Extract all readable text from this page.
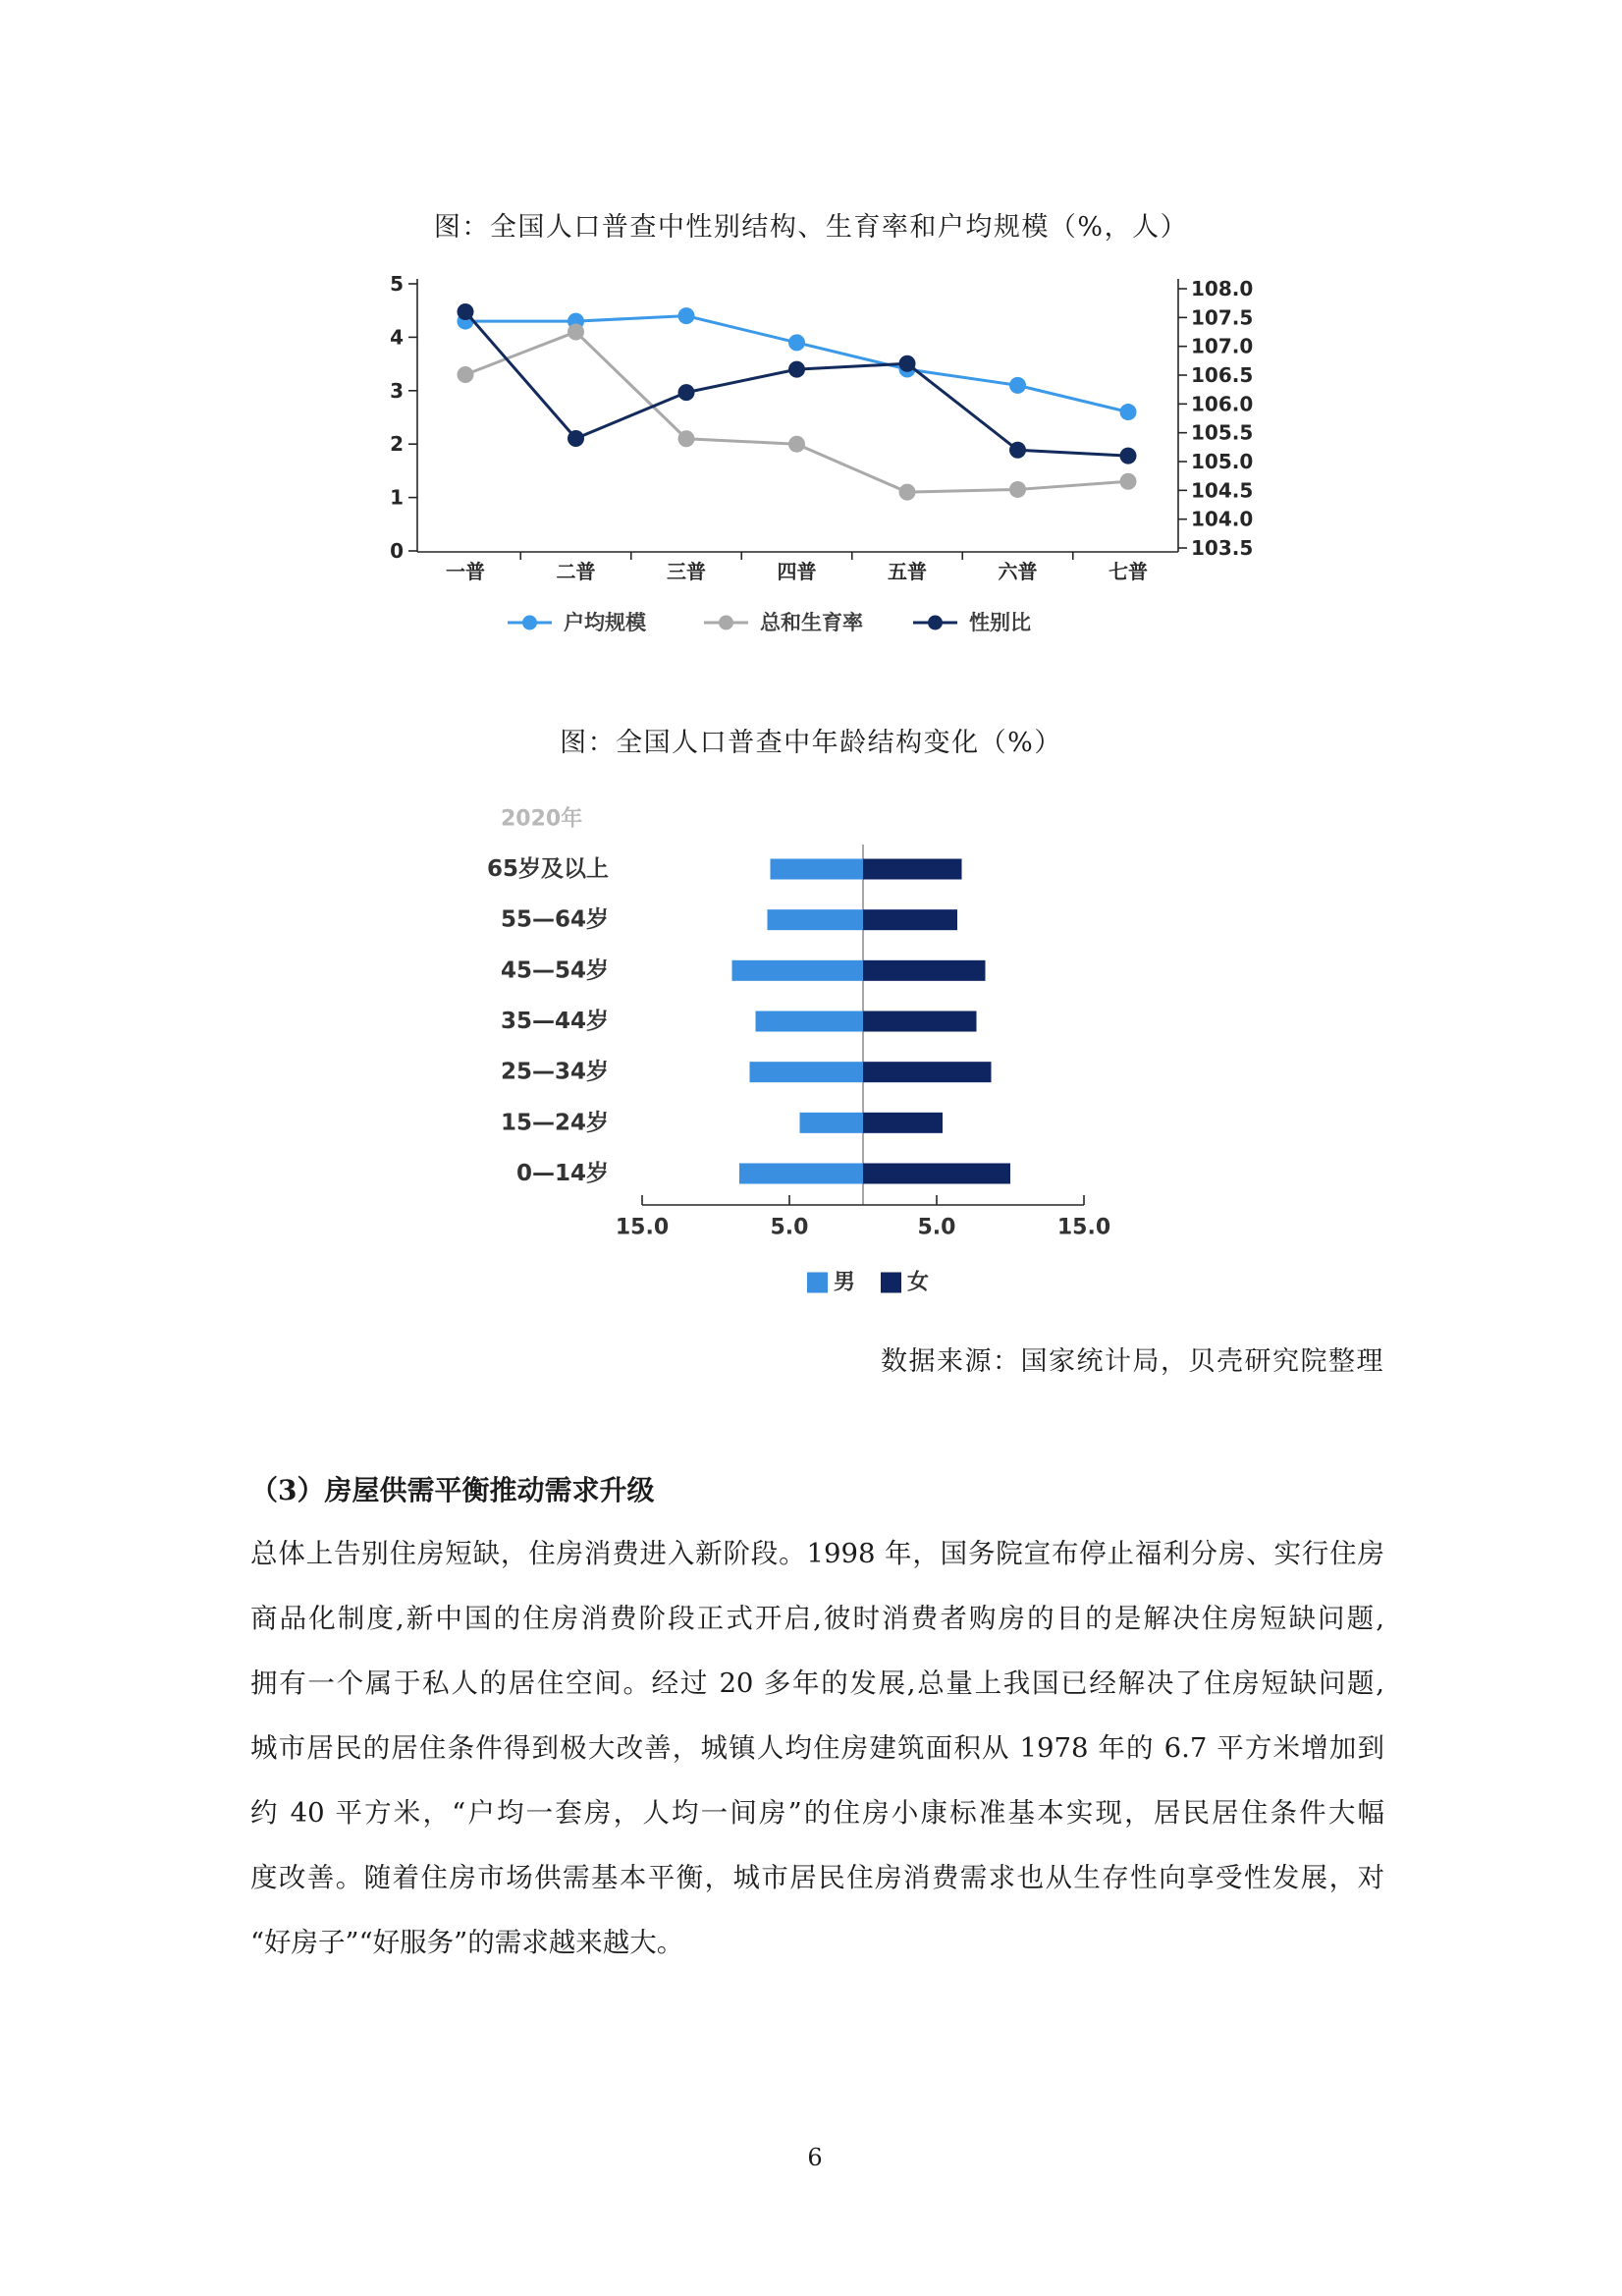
图：全国人口普查中性别结构、生育率和户均规模（%，人）
0
1
2
3
4
5
103.5
104.0
104.5
105.0
105.5
106.0
106.5
107.0
107.5
108.0
一普	二普	三普	四普	五普	六普	七普
户均规模	总和生育率	性别比
图：全国人口普查中年龄结构变化（%）
2020年
65岁及以上
55—64岁
45—54岁
35—44岁
25—34岁
15—24岁
0—14岁
15.0	5.0	5.0	15.0
男 女
数据来源：国家统计局，贝壳研究院整理
（3）房屋供需平衡推动需求升级
总体上告别住房短缺，住房消费进入新阶段。1998 年，国务院宣布停止福利分房、实行住房
商品化制度,新中国的住房消费阶段正式开启,彼时消费者购房的目的是解决住房短缺问题,
拥有一个属于私人的居住空间。经过 20 多年的发展,总量上我国已经解决了住房短缺问题,
城市居民的居住条件得到极大改善，城镇人均住房建筑面积从 1978 年的 6.7 平方米增加到
约 40 平方米，“户均一套房，人均一间房”的住房小康标准基本实现，居民居住条件大幅
度改善。随着住房市场供需基本平衡，城市居民住房消费需求也从生存性向享受性发展，对
“好房子”“好服务”的需求越来越大。
6
